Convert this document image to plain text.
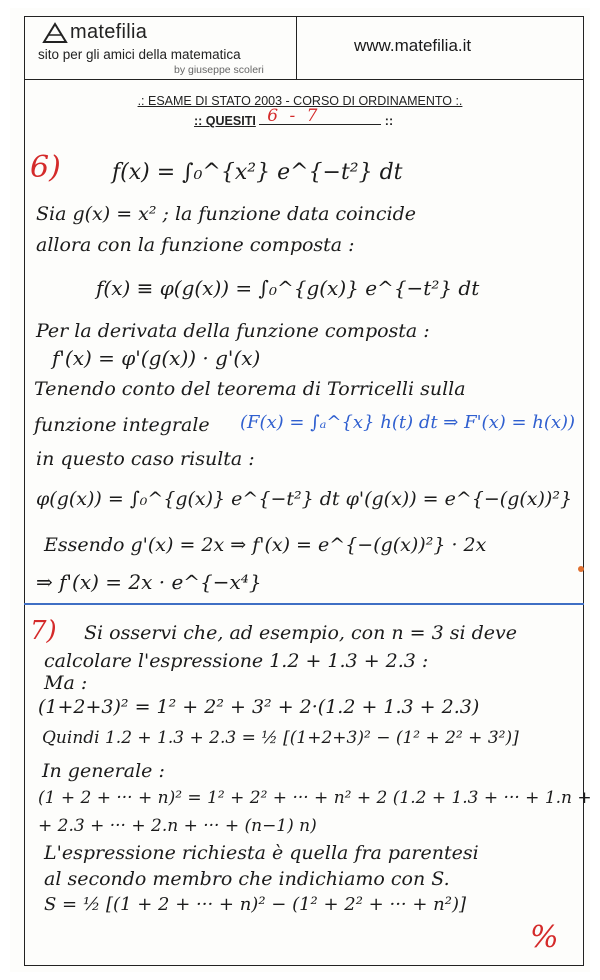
matefilia
sito per gli amici della matematica
by giuseppe scoleri
www.matefilia.it
.: ESAME DI STATO 2003 - CORSO DI ORDINAMENTO :.
:: QUESITI 6 - 7	::
6) f(x) = ∫₀^{x²} e^{−t²} dt
Sia g(x) = x² ; la funzione data coincide
allora con la funzione composta :
f(x) ≡ φ(g(x)) = ∫₀^{g(x)} e^{−t²} dt
Per la derivata della funzione composta :
f'(x) = φ'(g(x)) · g'(x)
Tenendo conto del teorema di Torricelli sulla
funzione integrale (F(x) = ∫ₐ^{x} h(t) dt ⇒ F'(x) = h(x))
in questo caso risulta :
φ(g(x)) = ∫₀^{g(x)} e^{−t²} dt φ'(g(x)) = e^{−(g(x))²}
Essendo g'(x) = 2x ⇒ f'(x) = e^{−(g(x))²} · 2x
⇒ f'(x) = 2x · e^{−x⁴}
7) Si osservi che, ad esempio, con n = 3 si deve
calcolare l'espressione 1.2 + 1.3 + 2.3 :
Ma :
(1+2+3)² = 1² + 2² + 3² + 2·(1.2 + 1.3 + 2.3)
Quindi 1.2 + 1.3 + 2.3 = ½ [(1+2+3)² − (1² + 2² + 3²)]
In generale :
(1 + 2 + ··· + n)² = 1² + 2² + ··· + n² + 2 (1.2 + 1.3 + ··· + 1.n +
+ 2.3 + ··· + 2.n + ··· + (n−1) n)
L'espressione richiesta è quella fra parentesi
al secondo membro che indichiamo con S.
S = ½ [(1 + 2 + ··· + n)² − (1² + 2² + ··· + n²)]
%
